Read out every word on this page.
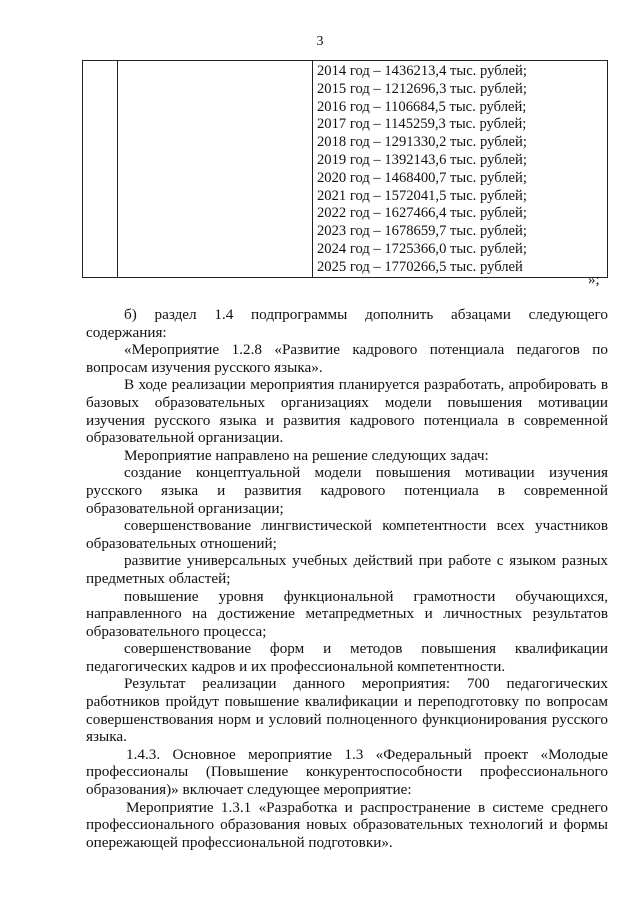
3

2014 год – 1436213,4 тыс. рублей;
2015 год – 1212696,3 тыс. рублей;
2016 год – 1106684,5 тыс. рублей;
2017 год – 1145259,3 тыс. рублей;
2018 год – 1291330,2 тыс. рублей;
2019 год – 1392143,6 тыс. рублей;
2020 год – 1468400,7 тыс. рублей;
2021 год – 1572041,5 тыс. рублей;
2022 год – 1627466,4 тыс. рублей;
2023 год – 1678659,7 тыс. рублей;
2024 год – 1725366,0 тыс. рублей;
2025 год – 1770266,5 тыс. рублей
»;

б) раздел 1.4 подпрограммы дополнить абзацами следующего содержания:

«Мероприятие 1.2.8 «Развитие кадрового потенциала педагогов по вопросам изучения русского языка».

В ходе реализации мероприятия планируется разработать, апробировать в базовых образовательных организациях модели повышения мотивации изучения русского языка и развития кадрового потенциала в современной образовательной организации.

Мероприятие направлено на решение следующих задач:

создание концептуальной модели повышения мотивации изучения русского языка и развития кадрового потенциала в современной образовательной организации;

совершенствование лингвистической компетентности всех участников образовательных отношений;

развитие универсальных учебных действий при работе с языком разных предметных областей;

повышение уровня функциональной грамотности обучающихся, направленного на достижение метапредметных и личностных результатов образовательного процесса;

совершенствование форм и методов повышения квалификации педагогических кадров и их профессиональной компетентности.

Результат реализации данного мероприятия: 700 педагогических работников пройдут повышение квалификации и переподготовку по вопросам совершенствования норм и условий полноценного функционирования русского языка.

1.4.3. Основное мероприятие 1.3 «Федеральный проект «Молодые профессионалы (Повышение конкурентоспособности профессионального образования)» включает следующее мероприятие:

Мероприятие 1.3.1 «Разработка и распространение в системе среднего профессионального образования новых образовательных технологий и формы опережающей профессиональной подготовки».
